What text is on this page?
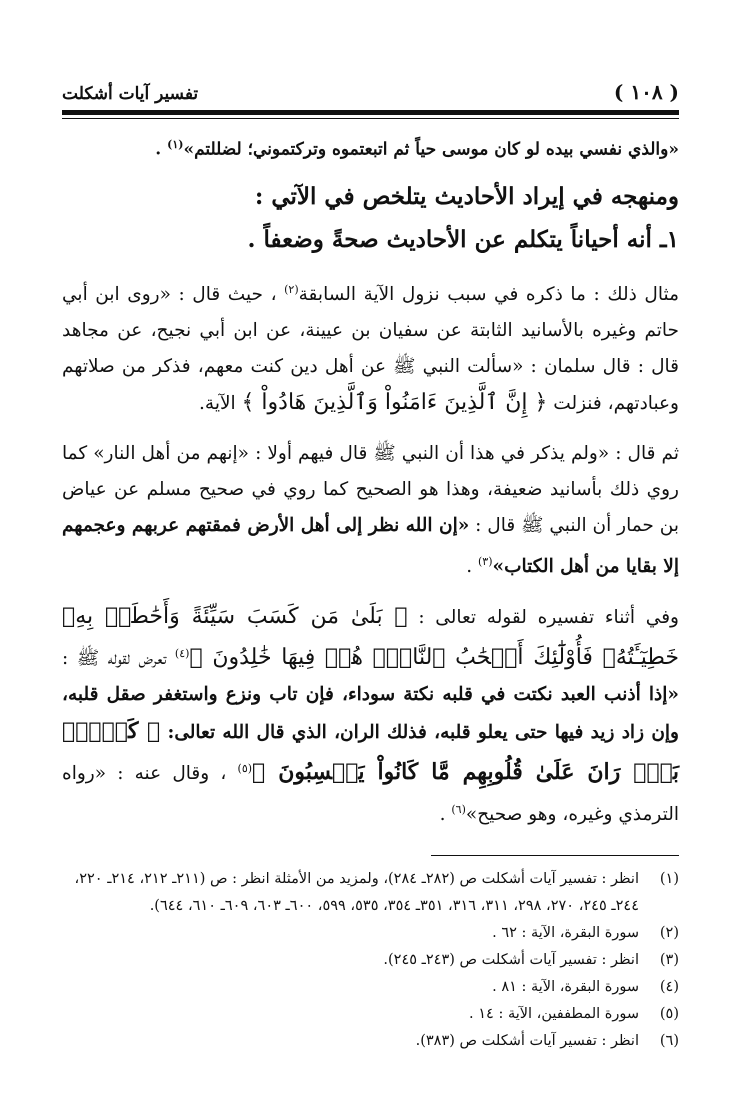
( ١٠٨ )
تفسير آيات أشكلت

«والذي نفسي بيده لو كان موسى حياً ثم اتبعتموه وتركتموني؛ لضللتم»$^{(١)}$ .

ومنهجه في إيراد الأحاديث يتلخص في الآتي :

١ـ أنه أحياناً يتكلم عن الأحاديث صحةً وضعفاً .

مثال ذلك : ما ذكره في سبب نزول الآية السابقة$^{(٢)}$ ، حيث قال : «روى ابن أبي حاتم وغيره بالأسانيد الثابتة عن سفيان بن عيينة، عن ابن أبي نجيح، عن مجاهد قال : قال سلمان : «سألت النبي ﷺ عن أهل دين كنت معهم، فذكر من صلاتهم وعبادتهم، فنزلت ﴿ إِنَّ ٱلَّذِينَ ءَامَنُواْ وَٱلَّذِينَ هَادُواْ ﴾ الآية.

ثم قال : «ولم يذكر في هذا أن النبي ﷺ قال فيهم أولا : «إنهم من أهل النار» كما روي ذلك بأسانيد ضعيفة، وهذا هو الصحيح كما روي في صحيح مسلم عن عياض بن حمار أن النبي ﷺ قال : «إن الله نظر إلى أهل الأرض فمقتهم عربهم وعجمهم إلا بقايا من أهل الكتاب»$^{(٣)}$ .

وفي أثناء تفسيره لقوله تعالى : ﴿ بَلَىٰ مَن كَسَبَ سَيِّئَةً وَأَحَٰطَتۡ بِهِۦ خَطِيٓـَٔتُهُۥ فَأُوْلَٰٓئِكَ أَصۡحَٰبُ ٱلنَّارِۖ هُمۡ فِيهَا خَٰلِدُونَ ﴾$^{(٤)}$ تعرض لقوله ﷺ : «إذا أذنب العبد نكتت في قلبه نكتة سوداء، فإن تاب ونزع واستغفر صقل قلبه، وإن زاد زيد فيها حتى يعلو قلبه، فذلك الران، الذي قال الله تعالى: ﴿ كَلَّاۖ بَلۡۜ رَانَ عَلَىٰ قُلُوبِهِم مَّا كَانُواْ يَكۡسِبُونَ ﴾$^{(٥)}$ ، وقال عنه : «رواه الترمذي وغيره، وهو صحيح»$^{(٦)}$ .

(١)
انظر : تفسير آيات أشكلت ص (٢٨٢ـ ٢٨٤)، ولمزيد من الأمثلة انظر : ص (٢١١ـ ٢١٢، ٢١٤ـ ٢٢٠، ٢٤٤ـ ٢٤٥، ٢٧٠، ٢٩٨، ٣١١، ٣١٦، ٣٥١ـ ٣٥٤، ٥٣٥، ٥٩٩، ٦٠٠ـ ٦٠٣، ٦٠٩ـ ٦١٠، ٦٤٤).
(٢)
سورة البقرة، الآية : ٦٢ .
(٣)
انظر : تفسير آيات أشكلت ص (٢٤٣ـ ٢٤٥).
(٤)
سورة البقرة، الآية : ٨١ .
(٥)
سورة المطففين، الآية : ١٤ .
(٦)
انظر : تفسير آيات أشكلت ص (٣٨٣).
